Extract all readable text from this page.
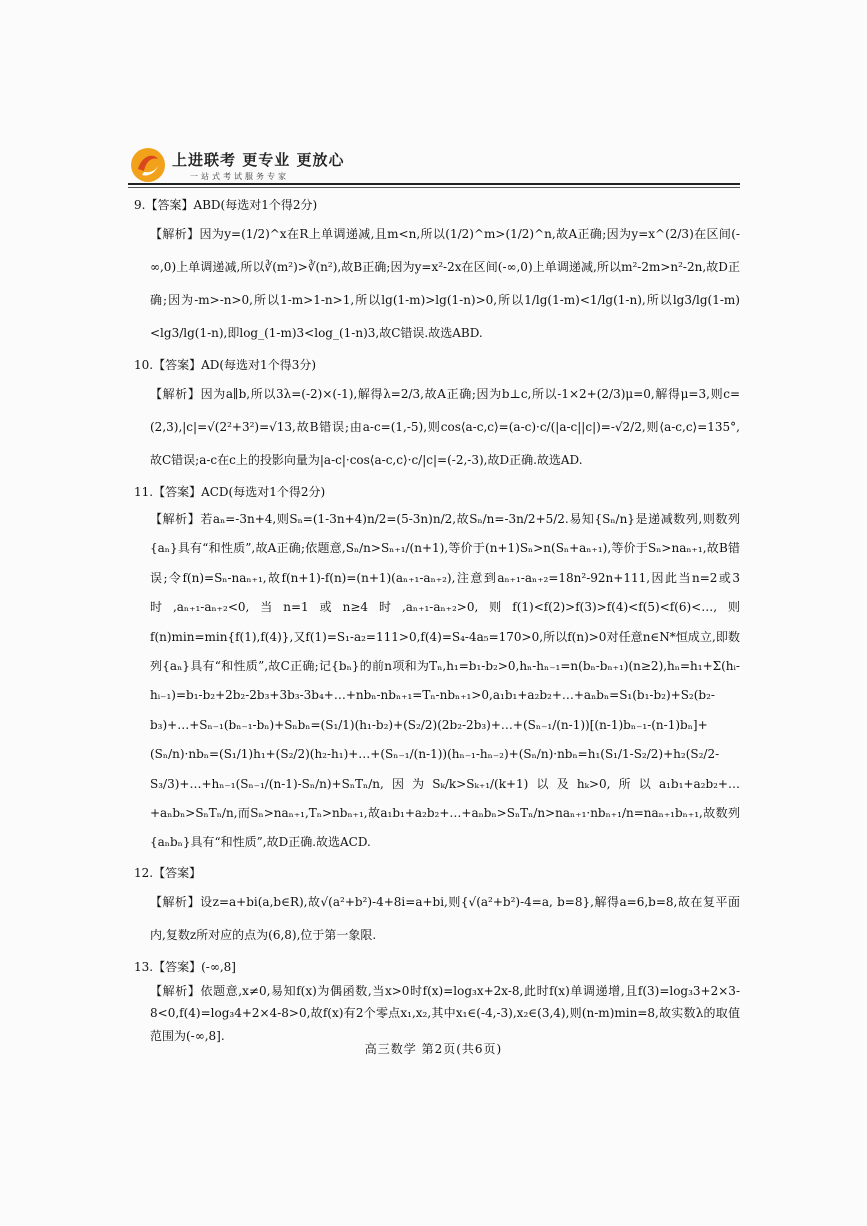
上进联考 更专业 更放心
一站式考试服务专家
9.【答案】ABD(每选对1个得2分)
【解析】因为y=(1/2)^x在R上单调递减,且m<n,所以(1/2)^m>(1/2)^n,故A正确;因为y=x^(2/3)在区间(-∞,0)上单调递减,所以∛(m²)>∛(n²),故B正确;因为y=x²-2x在区间(-∞,0)上单调递减,所以m²-2m>n²-2n,故D正确;因为-m>-n>0,所以1-m>1-n>1,所以lg(1-m)>lg(1-n)>0,所以1/lg(1-m)<1/lg(1-n),所以lg3/lg(1-m)<lg3/lg(1-n),即log_(1-m)3<log_(1-n)3,故C错误.故选ABD.
10.【答案】AD(每选对1个得3分)
【解析】因为a∥b,所以3λ=(-2)×(-1),解得λ=2/3,故A正确;因为b⊥c,所以-1×2+(2/3)μ=0,解得μ=3,则c=(2,3),|c|=√(2²+3²)=√13,故B错误;由a-c=(1,-5),则cos⟨a-c,c⟩=(a-c)·c/(|a-c||c|)=-√2/2,则⟨a-c,c⟩=135°,故C错误;a-c在c上的投影向量为|a-c|·cos⟨a-c,c⟩·c/|c|=(-2,-3),故D正确.故选AD.
11.【答案】ACD(每选对1个得2分)
【解析】若aₙ=-3n+4,则Sₙ=(1-3n+4)n/2=(5-3n)n/2,故Sₙ/n=-3n/2+5/2.易知{Sₙ/n}是递减数列,则数列{aₙ}具有“和性质”,故A正确;依题意,Sₙ/n>Sₙ₊₁/(n+1),等价于(n+1)Sₙ>n(Sₙ+aₙ₊₁),等价于Sₙ>naₙ₊₁,故B错误;令f(n)=Sₙ-naₙ₊₁,故f(n+1)-f(n)=(n+1)(aₙ₊₁-aₙ₊₂),注意到aₙ₊₁-aₙ₊₂=18n²-92n+111,因此当n=2或3时,aₙ₊₁-aₙ₊₂<0,当n=1或n≥4时,aₙ₊₁-aₙ₊₂>0,则f(1)<f(2)>f(3)>f(4)<f(5)<f(6)<…,则f(n)min=min{f(1),f(4)},又f(1)=S₁-a₂=111>0,f(4)=S₄-4a₅=170>0,所以f(n)>0对任意n∈N*恒成立,即数列{aₙ}具有“和性质”,故C正确;记{bₙ}的前n项和为Tₙ,h₁=b₁-b₂>0,hₙ-hₙ₋₁=n(bₙ-bₙ₊₁)(n≥2),hₙ=h₁+Σ(hᵢ-hᵢ₋₁)=b₁-b₂+2b₂-2b₃+3b₃-3b₄+…+nbₙ-nbₙ₊₁=Tₙ-nbₙ₊₁>0,a₁b₁+a₂b₂+…+aₙbₙ=S₁(b₁-b₂)+S₂(b₂-b₃)+…+Sₙ₋₁(bₙ₋₁-bₙ)+Sₙbₙ=(S₁/1)(h₁-b₂)+(S₂/2)(2b₂-2b₃)+…+(Sₙ₋₁/(n-1))[(n-1)bₙ₋₁-(n-1)bₙ]+(Sₙ/n)·nbₙ=(S₁/1)h₁+(S₂/2)(h₂-h₁)+…+(Sₙ₋₁/(n-1))(hₙ₋₁-hₙ₋₂)+(Sₙ/n)·nbₙ=h₁(S₁/1-S₂/2)+h₂(S₂/2-S₃/3)+…+hₙ₋₁(Sₙ₋₁/(n-1)-Sₙ/n)+SₙTₙ/n,因为Sₖ/k>Sₖ₊₁/(k+1)以及hₖ>0,所以a₁b₁+a₂b₂+…+aₙbₙ>SₙTₙ/n,而Sₙ>naₙ₊₁,Tₙ>nbₙ₊₁,故a₁b₁+a₂b₂+…+aₙbₙ>SₙTₙ/n>naₙ₊₁·nbₙ₊₁/n=naₙ₊₁bₙ₊₁,故数列{aₙbₙ}具有“和性质”,故D正确.故选ACD.
12.【答案】
【解析】设z=a+bi(a,b∈R),故√(a²+b²)-4+8i=a+bi,则{√(a²+b²)-4=a, b=8},解得a=6,b=8,故在复平面内,复数z所对应的点为(6,8),位于第一象限.
13.【答案】(-∞,8]
【解析】依题意,x≠0,易知f(x)为偶函数,当x>0时f(x)=log₃x+2x-8,此时f(x)单调递增,且f(3)=log₃3+2×3-8<0,f(4)=log₃4+2×4-8>0,故f(x)有2个零点x₁,x₂,其中x₁∈(-4,-3),x₂∈(3,4),则(n-m)min=8,故实数λ的取值范围为(-∞,8].
高三数学 第2页(共6页)
